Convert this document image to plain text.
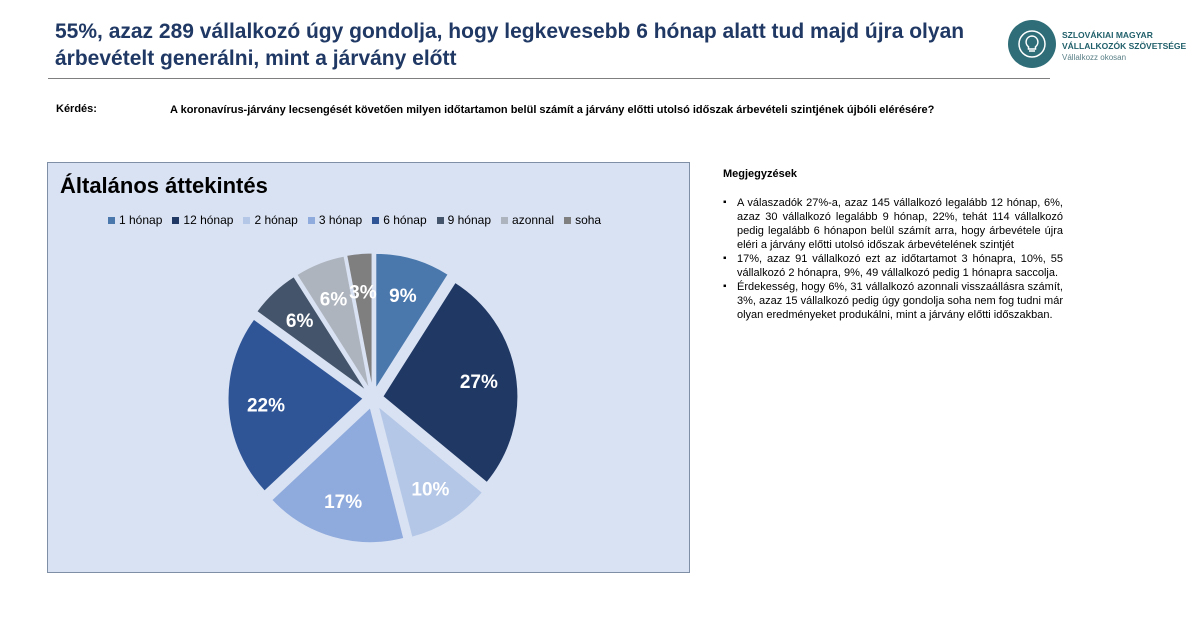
55%, azaz 289 vállalkozó úgy gondolja, hogy legkevesebb 6 hónap alatt tud majd újra olyan árbevételt generálni, mint a járvány előtt
SZLOVÁKIAI MAGYAR
VÁLLALKOZÓK SZÖVETSÉGE
Vállalkozz okosan
Kérdés:	A koronavírus-járvány lecsengését követően milyen időtartamon belül számít a járvány előtti utolsó időszak árbevételi szintjének újbóli elérésére?
Általános áttekintés
1 hónap 12 hónap 2 hónap 3 hónap 6 hónap 9 hónap azonnal soha
9%
27%
10%
17%
22%
6%
6% 3%
Megjegyzések
▪ A válaszadók 27%-a, azaz 145 vállalkozó legalább 12 hónap, 6%, azaz 30 vállalkozó legalább 9 hónap, 22%, tehát 114 vállalkozó pedig legalább 6 hónapon belül számít arra, hogy árbevétele újra eléri a járvány előtti utolsó időszak árbevételének szintjét
▪ 17%, azaz 91 vállalkozó ezt az időtartamot 3 hónapra, 10%, 55 vállalkozó 2 hónapra, 9%, 49 vállalkozó pedig 1 hónapra saccolja.
▪ Érdekesség, hogy 6%, 31 vállalkozó azonnali visszaállásra számít, 3%, azaz 15 vállalkozó pedig úgy gondolja soha nem fog tudni már olyan eredményeket produkálni, mint a járvány előtti időszakban.
